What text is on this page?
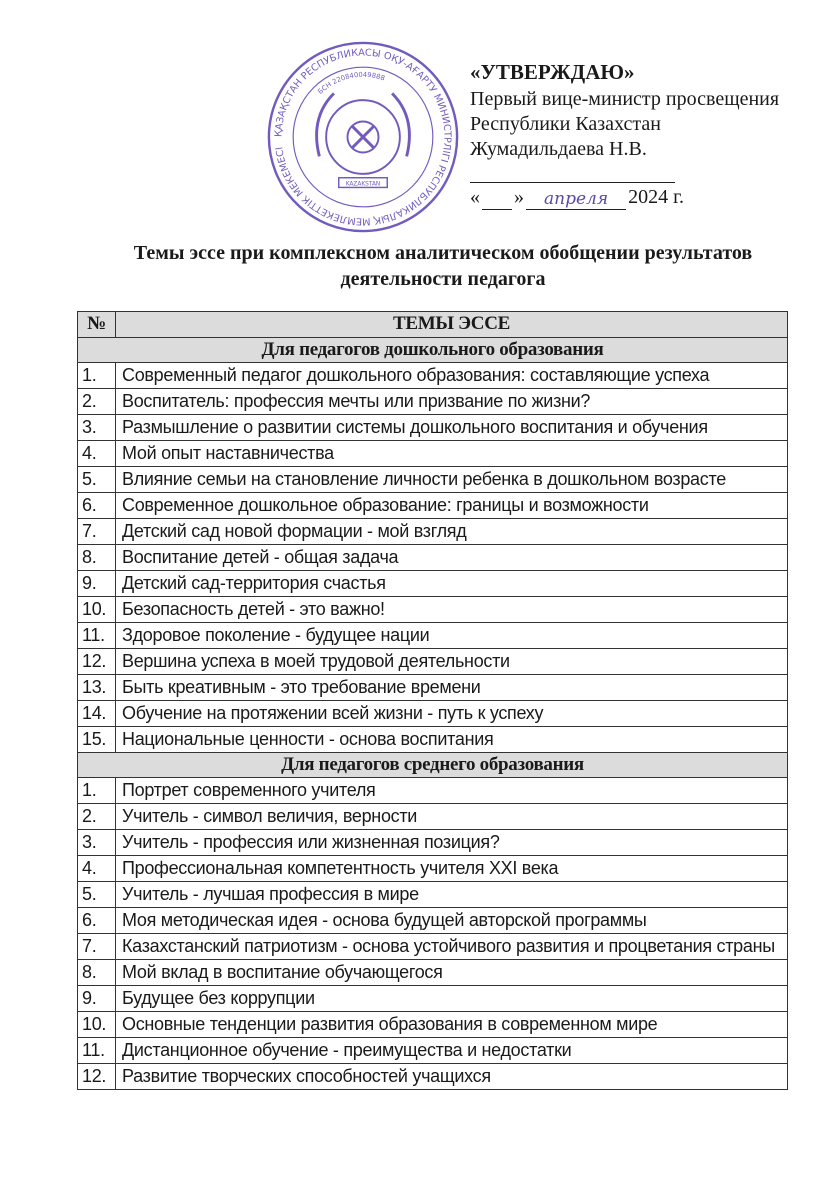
«УТВЕРЖДАЮ»
Первый вице-министр просвещения
Республики Казахстан
Жумадильдаева Н.В.
« »	апреля	2024 г.
ҚАЗАҚСТАН РЕСПУБЛИКАСЫ ОҚУ-АҒАРТУ МИНИСТРЛІГІ РЕСПУБЛИКАЛЫҚ МЕМЛЕКЕТТІК МЕКЕМЕСІ
БСН 220840049888
KAZAKSTAN
Темы эссе при комплексном аналитическом обобщении результатов
деятельности педагога
№	ТЕМЫ ЭССЕ
Для педагогов дошкольного образования	
1.	Современный педагог дошкольного образования: составляющие успеха
2.	Воспитатель: профессия мечты или призвание по жизни?
3.	Размышление о развитии системы дошкольного воспитания и обучения
4.	Мой опыт наставничества
5.	Влияние семьи на становление личности ребенка в дошкольном возрасте
6.	Современное дошкольное образование: границы и возможности
7.	Детский сад новой формации - мой взгляд
8.	Воспитание детей - общая задача
9.	Детский сад-территория счастья
10.	Безопасность детей - это важно!
11.	Здоровое поколение - будущее нации
12.	Вершина успеха в моей трудовой деятельности
13.	Быть креативным - это требование времени
14.	Обучение на протяжении всей жизни - путь к успеху
15.	Национальные ценности - основа воспитания
Для педагогов среднего образования	
1.	Портрет современного учителя
2.	Учитель - символ величия, верности
3.	Учитель - профессия или жизненная позиция?
4.	Профессиональная компетентность учителя XXI века
5.	Учитель - лучшая профессия в мире
6.	Моя методическая идея - основа будущей авторской программы
7.	Казахстанский патриотизм - основа устойчивого развития и процветания страны
8.	Мой вклад в воспитание обучающегося
9.	Будущее без коррупции
10.	Основные тенденции развития образования в современном мире
11.	Дистанционное обучение - преимущества и недостатки
12.	Развитие творческих способностей учащихся
